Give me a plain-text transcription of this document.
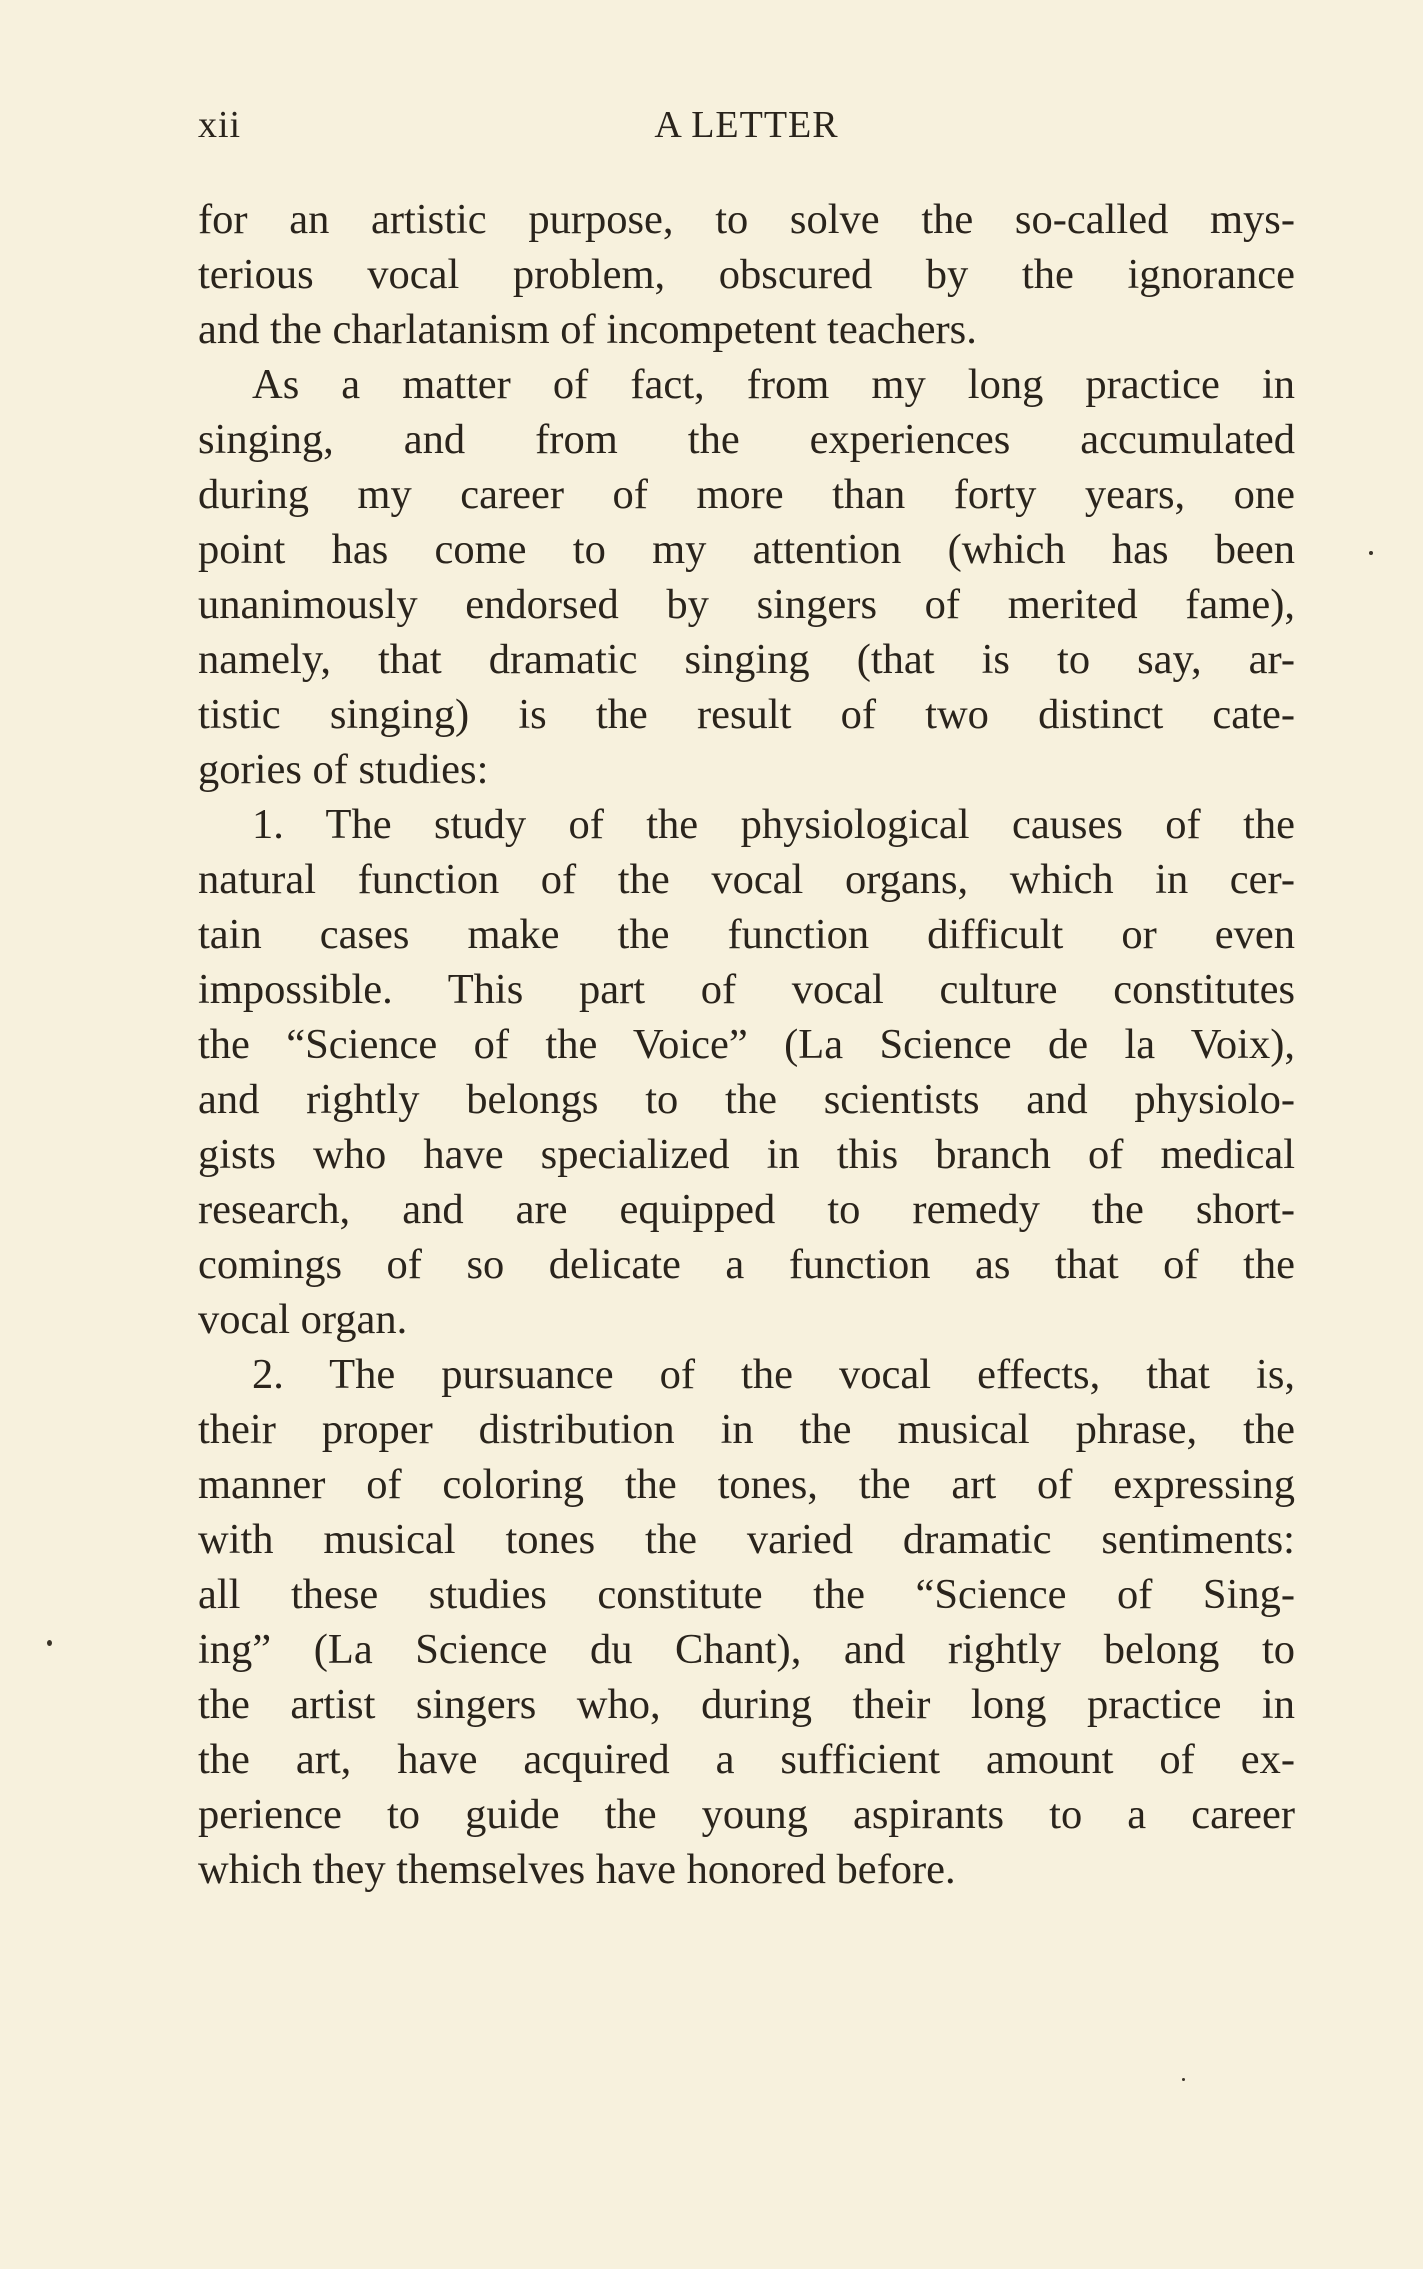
xii	A LETTER
for an artistic purpose, to solve the so-called mys-
terious vocal problem, obscured by the ignorance
and the charlatanism of incompetent teachers.
As a matter of fact, from my long practice in
singing, and from the experiences accumulated
during my career of more than forty years, one
point has come to my attention (which has been
unanimously endorsed by singers of merited fame),
namely, that dramatic singing (that is to say, ar-
tistic singing) is the result of two distinct cate-
gories of studies:
1. The study of the physiological causes of the
natural function of the vocal organs, which in cer-
tain cases make the function difficult or even
impossible. This part of vocal culture constitutes
the “Science of the Voice” (La Science de la Voix),
and rightly belongs to the scientists and physiolo-
gists who have specialized in this branch of medical
research, and are equipped to remedy the short-
comings of so delicate a function as that of the
vocal organ.
2. The pursuance of the vocal effects, that is,
their proper distribution in the musical phrase, the
manner of coloring the tones, the art of expressing
with musical tones the varied dramatic sentiments:
all these studies constitute the “Science of Sing-
ing” (La Science du Chant), and rightly belong to
the artist singers who, during their long practice in
the art, have acquired a sufficient amount of ex-
perience to guide the young aspirants to a career
which they themselves have honored before.
